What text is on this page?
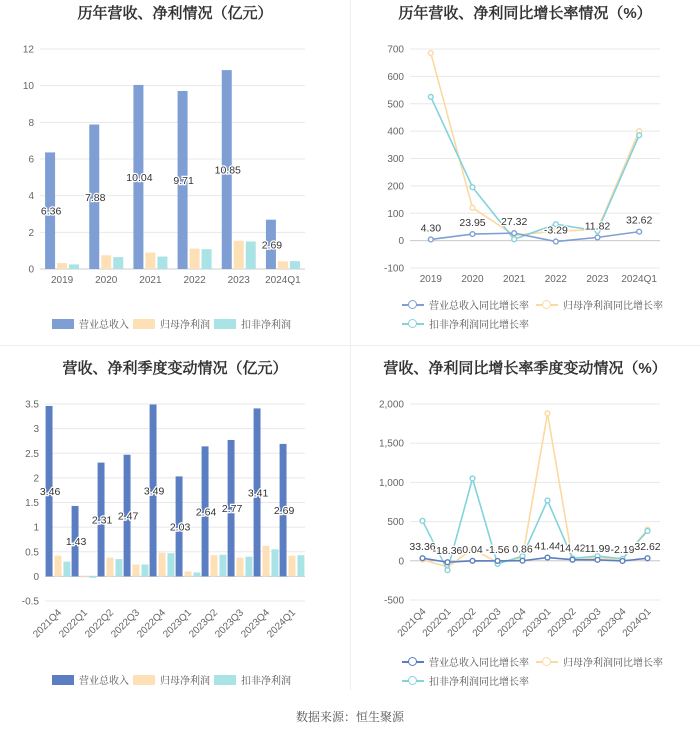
历年营收、净利情况（亿元）
0
2
4
6
8
10
12
2019 2020 2021 2022 2023 2024Q1
6.36
7.88
10.04 9.71
10.85
2.69
营业总收入	归母净利润	扣非净利润
历年营收、净利同比增长率情况（%）
-100
0
100
200
300
400
500
600
700
2019 2020 2021 2022 2023 2024Q1
4.30 23.95 27.32
-3.29 11.82 32.62
营业总收入同比增长率	归母净利润同比增长率
扣非净利润同比增长率
营收、净利季度变动情况（亿元）
-0.5
0
0.5
1
1.5
2
2.5
3
3.5
2021Q4
2022Q1
2022Q2
2022Q3
2022Q4
2023Q1
2023Q2
2023Q3
2023Q4
2024Q1
3.46
1.43
2.31 2.47
3.49
2.03
2.64 2.77
3.41
2.69
营业总收入	归母净利润	扣非净利润
营收、净利同比增长率季度变动情况（%）
-500
0
500
1,000
1,500
2,000
2021Q4
2022Q1
2022Q2
2022Q3
2022Q4
2023Q1
2023Q2
2023Q3
2023Q4
2024Q1
33.36
-18.36 0.04 -1.56 0.86 41.44
14.42 11.99 -2.19 32.62
营业总收入同比增长率	归母净利润同比增长率
扣非净利润同比增长率
数据来源：恒生聚源
